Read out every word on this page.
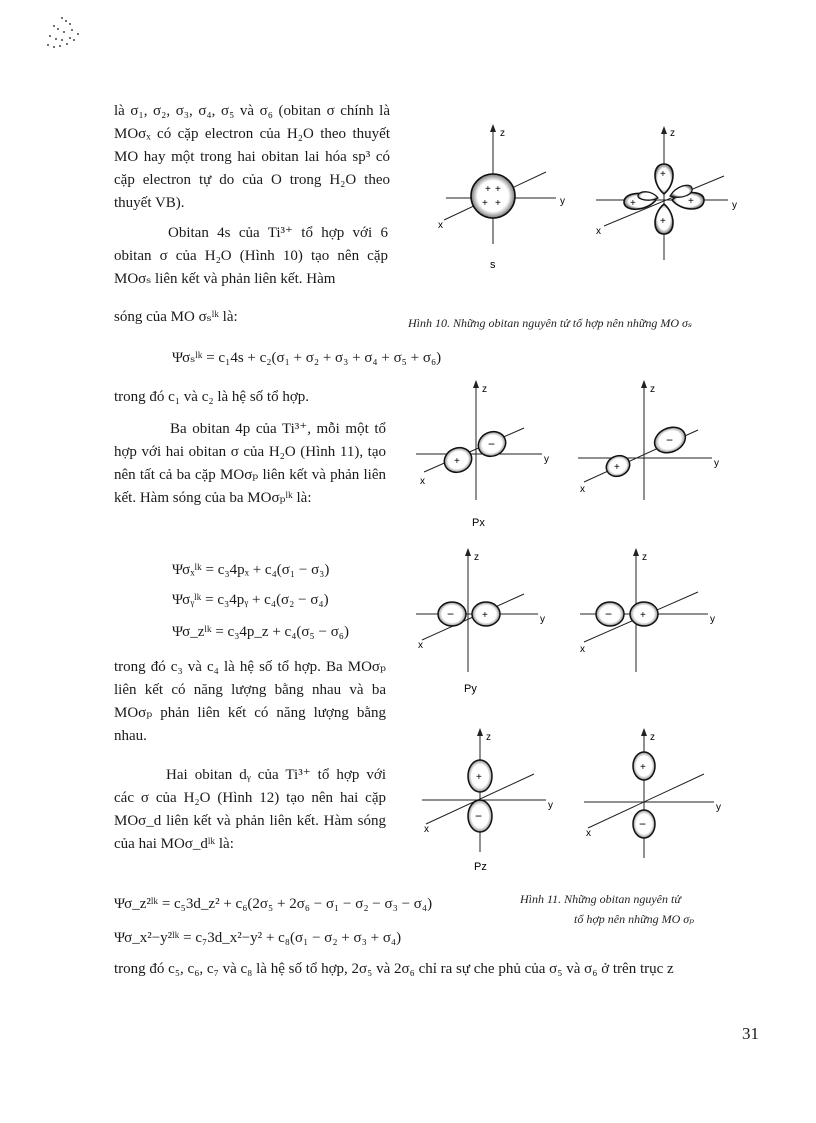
là σ₁, σ₂, σ₃, σ₄, σ₅ và σ₆ (obitan σ chính là MOσₓ có cặp electron của H₂O theo thuyết MO hay một trong hai obitan lai hóa sp³ có cặp electron tự do của O trong H₂O theo thuyết VB).
Obitan 4s của Ti³⁺ tổ hợp với 6 obitan σ của H₂O (Hình 10) tạo nên cặp MOσₛ liên kết và phản liên kết. Hàm
sóng của MO σₛˡᵏ là:
z
y
x
+ +
+ +
s
z
y
x
+
+
+	+
Hình 10. Những obitan nguyên tử tổ hợp nên những MO σₛ
Ψσₛˡᵏ = c₁4s + c₂(σ₁ + σ₂ + σ₃ + σ₄ + σ₅ + σ₆)
trong đó c₁ và c₂ là hệ số tổ hợp.
Ba obitan 4p của Ti³⁺, mỗi một tổ hợp với hai obitan σ của H₂O (Hình 11), tạo nên tất cả ba cặp MOσₚ liên kết và phản liên kết. Hàm sóng của ba MOσₚˡᵏ là:
Ψσₓˡᵏ = c₃4pₓ + c₄(σ₁ − σ₃)
Ψσᵧˡᵏ = c₃4pᵧ + c₄(σ₂ − σ₄)
Ψσ_zˡᵏ = c₃4p_z + c₄(σ₅ − σ₆)
trong đó c₃ và c₄ là hệ số tổ hợp. Ba MOσₚ liên kết có năng lượng bằng nhau và ba MOσₚ phản liên kết có năng lượng bằng nhau.
Hai obitan dᵧ của Ti³⁺ tổ hợp với các σ của H₂O (Hình 12) tạo nên hai cặp MOσ_d liên kết và phản liên kết. Hàm sóng của hai MOσ_dˡᵏ là:
z
y
x
+
−
Px
z
y
x
+
−
z
y
x
−	+
Py
z
y
x
−	+
z
y
x
+
−
Pz
z
y
x
+
−
Ψσ_z²ˡᵏ = c₅3d_z² + c₆(2σ₅ + 2σ₆ − σ₁ − σ₂ − σ₃ − σ₄)
Ψσ_x²−y²ˡᵏ = c₇3d_x²−y² + c₈(σ₁ − σ₂ + σ₃ + σ₄)
Hình 11. Những obitan nguyên tử
tổ hợp nên những MO σₚ
trong đó c₅, c₆, c₇ và c₈ là hệ số tổ hợp, 2σ₅ và 2σ₆ chỉ ra sự che phủ của σ₅ và σ₆ ở trên trục z
31
